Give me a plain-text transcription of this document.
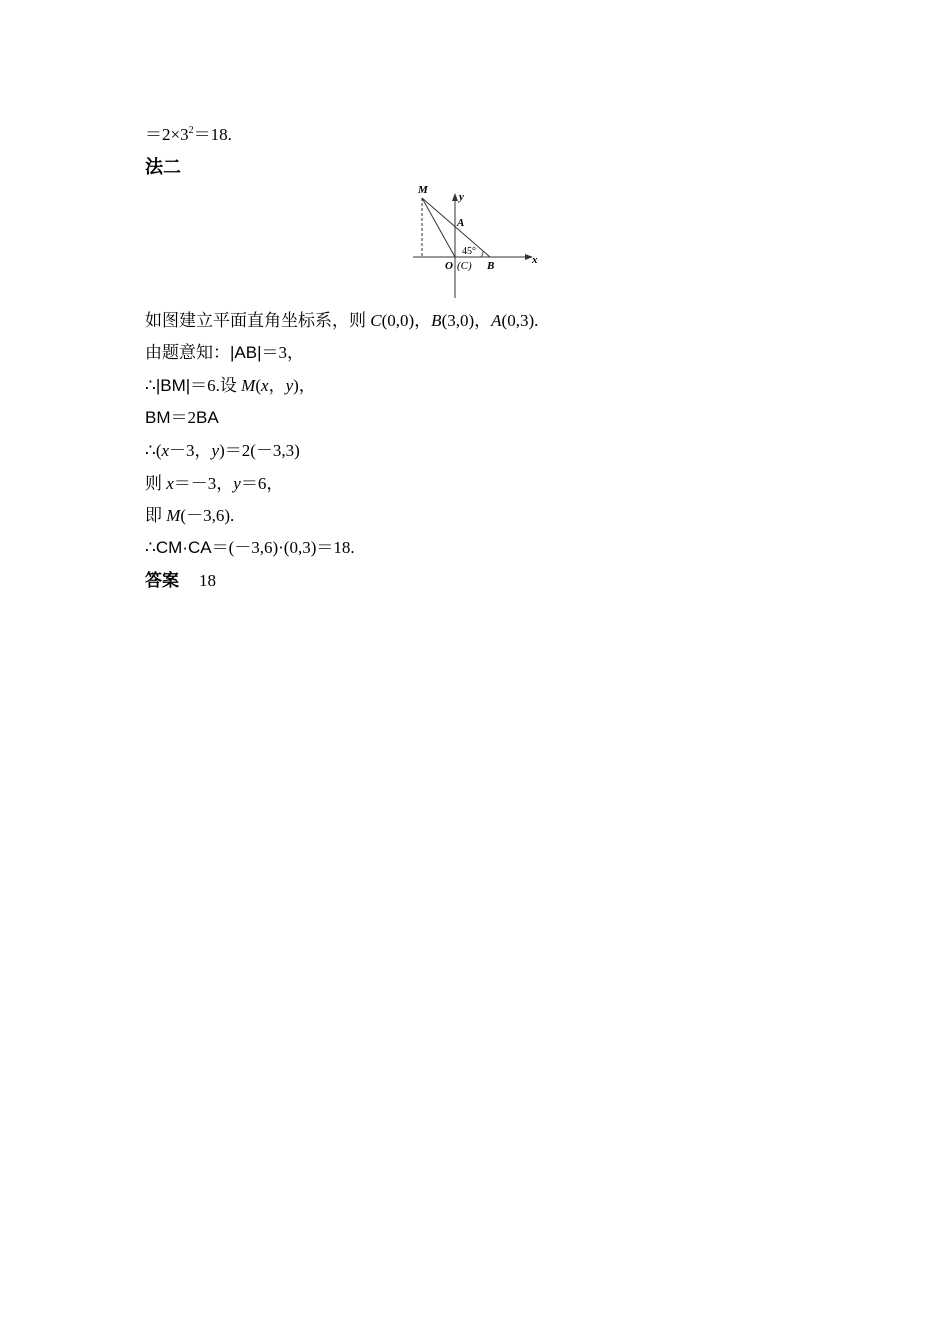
$=2\times 3^2=18$.
法二
M
y
A
45°
O (C) B	x
如图建立平面直角坐标系，则 C(0,0)，B(3,0)，A(0,3).
由题意知：|AB|＝3，
∴|BM|＝6.设 M(x，y)，
BM＝2BA
∴(x－3，y)＝2(－3,3)
则 x＝－3，y＝6，
即 M(－3,6).
∴CM·CA＝(－3,6)·(0,3)＝18.
答案 18
